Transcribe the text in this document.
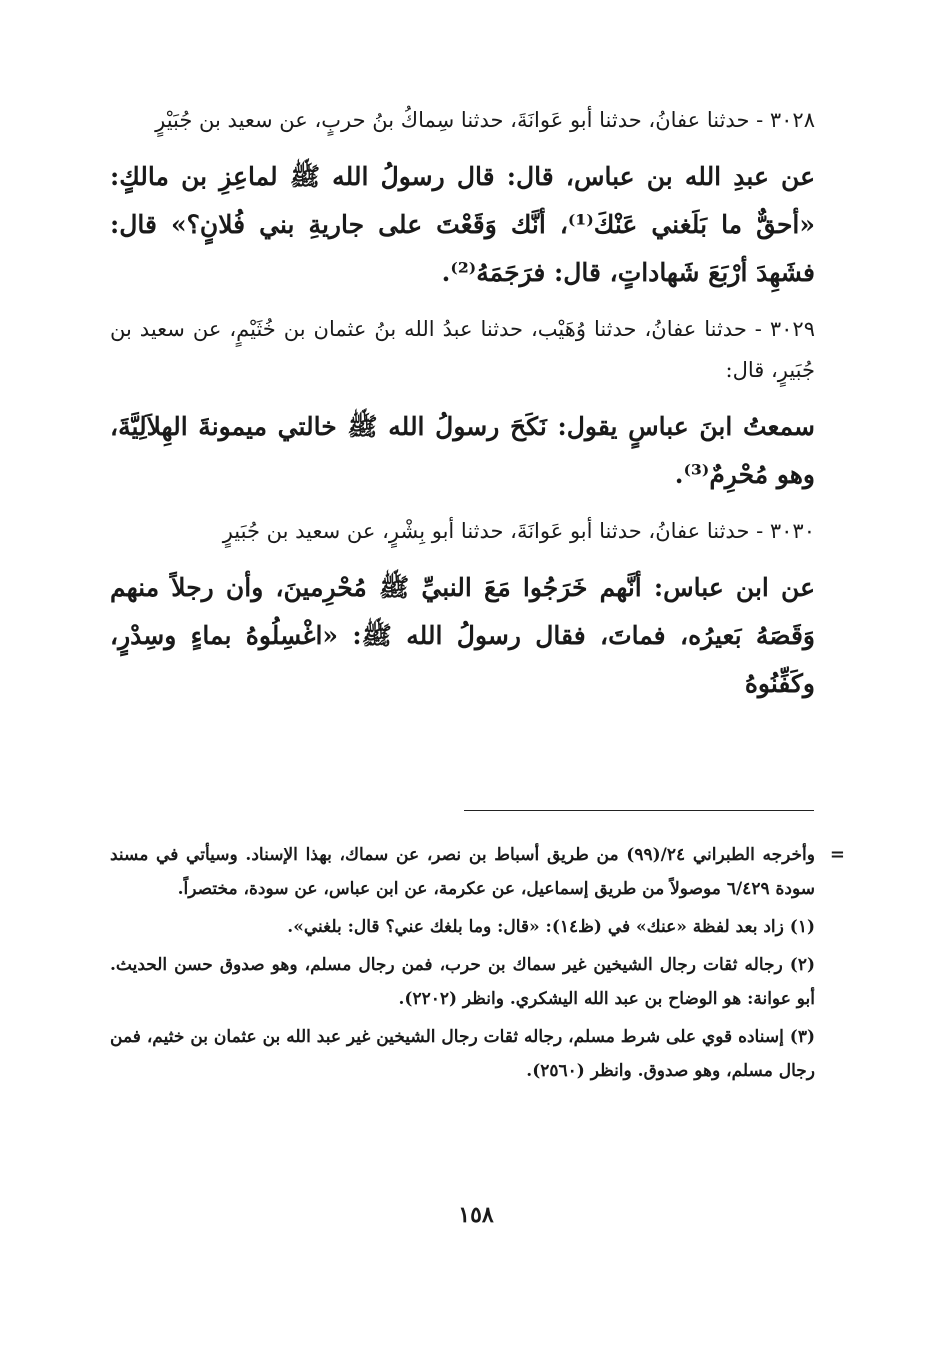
٣٠٢٨ - حدثنا عفانُ، حدثنا أبو عَوانَةَ، حدثنا سِماكُ بنُ حربٍ، عن سعيد بن جُبَيْرٍ

عن عبدِ الله بن عباس، قال: قال رسولُ الله ﷺ لماعِزِ بن مالكٍ: «أحقٌّ ما بَلَغني عَنْكَ⁽¹⁾، أنَّك وَقَعْتَ على جاريةِ بني فُلانٍ؟» قال: فشَهِدَ أرْبَعَ شَهاداتٍ، قال: فرَجَمَهُ⁽²⁾.

٣٠٢٩ - حدثنا عفانُ، حدثنا وُهَيْب، حدثنا عبدُ الله بنُ عثمان بن خُثَيْمٍ، عن سعيد بن جُبَيرٍ، قال:

سمعتُ ابنَ عباسٍ يقول: نَكَحَ رسولُ الله ﷺ خالتي ميمونةَ الهِلاَلِيَّةَ، وهو مُحْرِمٌ⁽³⁾.

٣٠٣٠ - حدثنا عفانُ، حدثنا أبو عَوانَةَ، حدثنا أبو بِشْرٍ، عن سعيد بن جُبَيرٍ

عن ابن عباس: أنَّهم خَرَجُوا مَعَ النبيِّ ﷺ مُحْرِمينَ، وأن رجلاً منهم وَقَصَهُ بَعيرُه، فماتَ، فقال رسولُ الله ﷺ: «اغْسِلُوهُ بماءٍ وسِدْرٍ، وكَفِّنُوهُ

=
وأخرجه الطبراني ٢٤/(٩٩) من طريق أسباط بن نصر، عن سماك، بهذا الإسناد. وسيأتي في مسند سودة ٦/٤٢٩ موصولاً من طريق إسماعيل، عن عكرمة، عن ابن عباس، عن سودة، مختصراً.

(١) زاد بعد لفظة «عنك» في (ظ١٤): «قال: وما بلغك عني؟ قال: بلغني».

(٢) رجاله ثقات رجال الشيخين غير سماك بن حرب، فمن رجال مسلم، وهو صدوق حسن الحديث. أبو عوانة: هو الوضاح بن عبد الله اليشكري. وانظر (٢٢٠٢).

(٣) إسناده قوي على شرط مسلم، رجاله ثقات رجال الشيخين غير عبد الله بن عثمان بن خثيم، فمن رجال مسلم، وهو صدوق. وانظر (٢٥٦٠).

١٥٨
